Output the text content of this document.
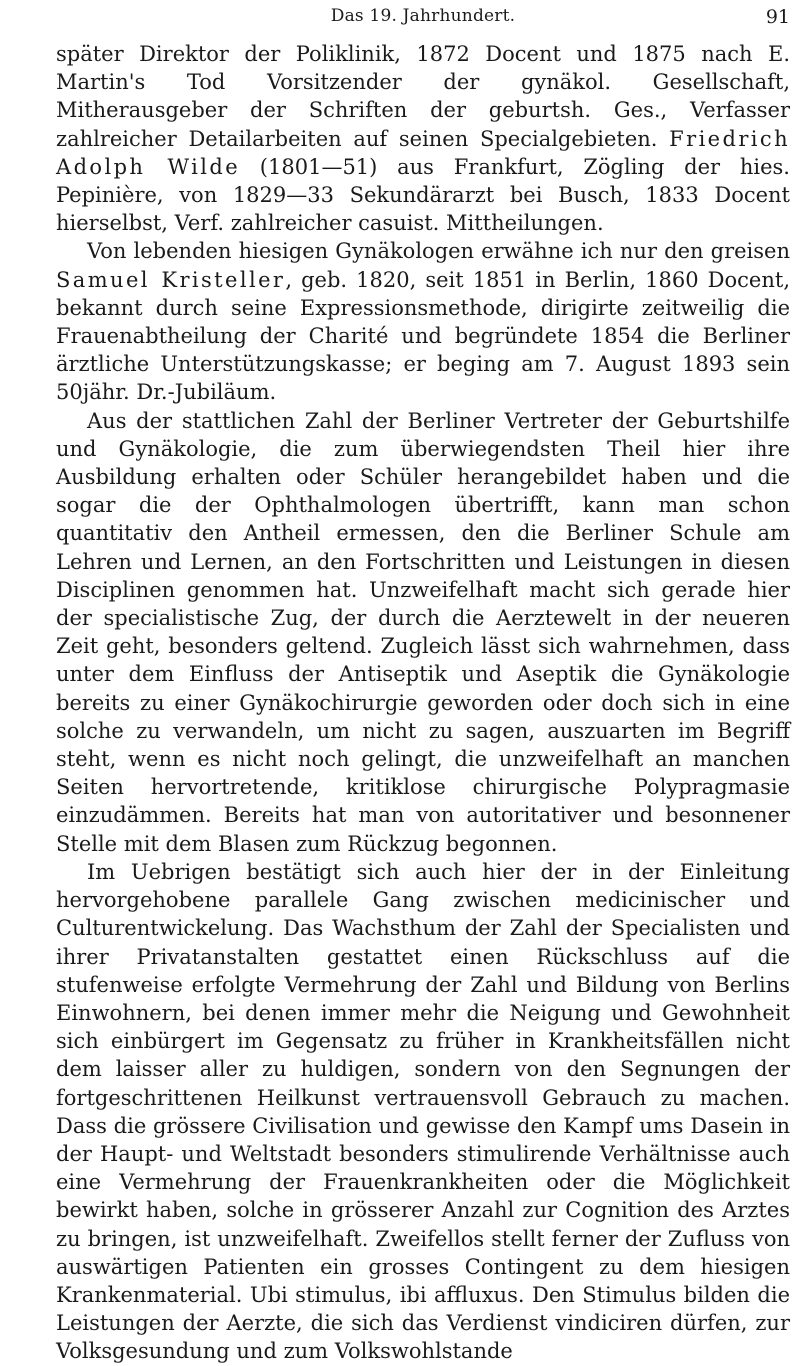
Das 19. Jahrhundert.	91

später Direktor der Poliklinik, 1872 Docent und 1875 nach E. Martin's Tod Vorsitzender der gynäkol. Gesellschaft, Mitherausgeber der Schriften der geburtsh. Ges., Verfasser zahlreicher Detailarbeiten auf seinen Specialgebieten. Friedrich Adolph Wilde (1801—51) aus Frankfurt, Zögling der hies. Pepinière, von 1829—33 Sekundärarzt bei Busch, 1833 Docent hierselbst, Verf. zahlreicher casuist. Mittheilungen.

Von lebenden hiesigen Gynäkologen erwähne ich nur den greisen Samuel Kristeller, geb. 1820, seit 1851 in Berlin, 1860 Docent, bekannt durch seine Expressionsmethode, dirigirte zeitweilig die Frauenabtheilung der Charité und begründete 1854 die Berliner ärztliche Unterstützungskasse; er beging am 7. August 1893 sein 50jähr. Dr.-Jubiläum.

Aus der stattlichen Zahl der Berliner Vertreter der Geburtshilfe und Gynäkologie, die zum überwiegendsten Theil hier ihre Ausbildung erhalten oder Schüler herangebildet haben und die sogar die der Ophthalmologen übertrifft, kann man schon quantitativ den Antheil ermessen, den die Berliner Schule am Lehren und Lernen, an den Fortschritten und Leistungen in diesen Disciplinen genommen hat. Unzweifelhaft macht sich gerade hier der specialistische Zug, der durch die Aerztewelt in der neueren Zeit geht, besonders geltend. Zugleich lässt sich wahrnehmen, dass unter dem Einfluss der Antiseptik und Aseptik die Gynäkologie bereits zu einer Gynäkochirurgie geworden oder doch sich in eine solche zu verwandeln, um nicht zu sagen, auszuarten im Begriff steht, wenn es nicht noch gelingt, die unzweifelhaft an manchen Seiten hervortretende, kritiklose chirurgische Polypragmasie einzudämmen. Bereits hat man von autoritativer und besonnener Stelle mit dem Blasen zum Rückzug begonnen.

Im Uebrigen bestätigt sich auch hier der in der Einleitung hervorgehobene parallele Gang zwischen medicinischer und Culturentwickelung. Das Wachsthum der Zahl der Specialisten und ihrer Privatanstalten gestattet einen Rückschluss auf die stufenweise erfolgte Vermehrung der Zahl und Bildung von Berlins Einwohnern, bei denen immer mehr die Neigung und Gewohnheit sich einbürgert im Gegensatz zu früher in Krankheitsfällen nicht dem laisser aller zu huldigen, sondern von den Segnungen der fortgeschrittenen Heilkunst vertrauensvoll Gebrauch zu machen. Dass die grössere Civilisation und gewisse den Kampf ums Dasein in der Haupt- und Weltstadt besonders stimulirende Verhältnisse auch eine Vermehrung der Frauenkrankheiten oder die Möglichkeit bewirkt haben, solche in grösserer Anzahl zur Cognition des Arztes zu bringen, ist unzweifelhaft. Zweifellos stellt ferner der Zufluss von auswärtigen Patienten ein grosses Contingent zu dem hiesigen Krankenmaterial. Ubi stimulus, ibi affluxus. Den Stimulus bilden die Leistungen der Aerzte, die sich das Verdienst vindiciren dürfen, zur Volksgesundung und zum Volkswohlstande
